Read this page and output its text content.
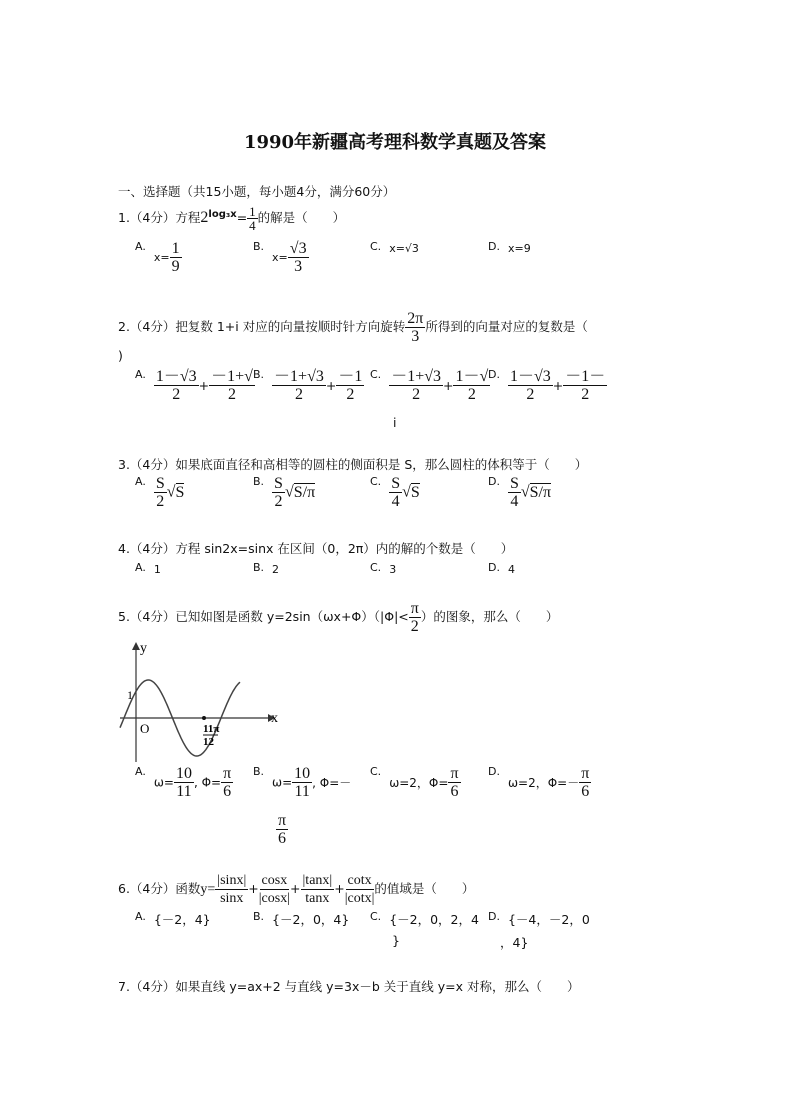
1990年新疆高考理科数学真题及答案
一、选择题（共15小题，每小题4分，满分60分）
1.（4分）方程$2^{log_3x}= \frac{1}{4}$ 的解是（　　）
2.（4分）把复数 1+i 对应的向量按顺时针方向旋转 $\frac{2\pi}{3}$ 所得到的向量对应的复数是（
)
3.（4分）如果底面直径和高相等的圆柱的侧面积是 S，那么圆柱的体积等于（　　）
4.（4分）方程 sin2x=sinx 在区间（0，2π）内的解的个数是（　　）
5.（4分）已知如图是函数 $y=2\sin(\omega x+\Phi)(|\Phi|< \frac{\pi}{2}$ ）的图象，那么（　　）
y
x
1
O	11π
12
6.（4分）函数$y= \frac{|\sin x|}{\sin x} + \frac{\cos x}{|\cos x|} + \frac{|\tan x|}{\tan x} + \frac{\cot x}{|\cot x|}$ 的值域是（　　）
7.（4分）如果直线 y=ax+2 与直线 y=3x－b 关于直线 y=x 对称，那么（　　）
$A.x= \frac{1}{9}$	$B.x= \frac{√3}{3}$	C. x=√3	D. x=9
A. $\frac{1-√3}{2} + \frac{-1+√}{2}$
B. $\frac{-1+√3}{2} + \frac{-1}{2}$
i
C. $\frac{-1+√3}{2} + \frac{1-√}{2}$
D. $\frac{1-√3}{2} + \frac{-1-}{2}$
A. $\frac{S}{2} √S$
B. $\frac{S}{2} √S/\pi$
C. $\frac{S}{4} √S$
D. $\frac{S}{4} √S/\pi$
A. 1	B. 2	C. 3	D. 4
$A.\omega= \frac{10}{11}$ , $\Phi= \frac{\pi}{6} B.\omega= \frac{10}{11}$ , Φ=－
$\frac{\pi}{6}$
C.ω=2，$\Phi= \frac{\pi}{6} D.\omega=2$，$\Phi=- \frac{\pi}{6}$
A. {－2，4}	B. {－2，0，4} C. {－2，0，2，4
}
D. {－4，－2，0
，4}
